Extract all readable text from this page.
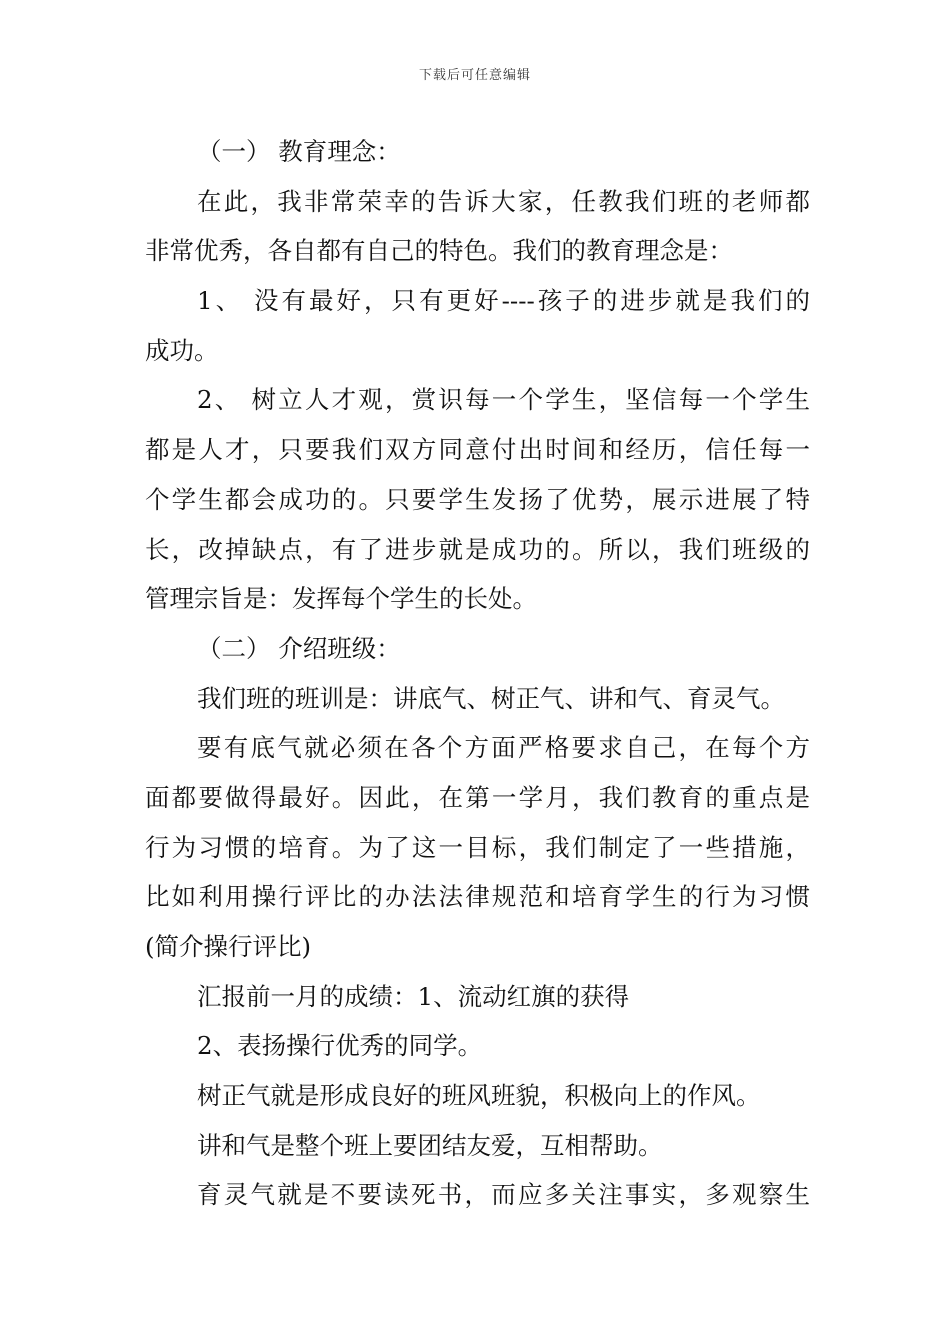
下载后可任意编辑
（一） 教育理念：
在此，我非常荣幸的告诉大家，任教我们班的老师都
非常优秀，各自都有自己的特色。我们的教育理念是：
1、 没有最好，只有更好----孩子的进步就是我们的
成功。
2、 树立人才观，赏识每一个学生，坚信每一个学生
都是人才，只要我们双方同意付出时间和经历，信任每一
个学生都会成功的。只要学生发扬了优势，展示进展了特
长，改掉缺点，有了进步就是成功的。所以，我们班级的
管理宗旨是：发挥每个学生的长处。
（二） 介绍班级：
我们班的班训是：讲底气、树正气、讲和气、育灵气。
要有底气就必须在各个方面严格要求自己，在每个方
面都要做得最好。因此，在第一学月，我们教育的重点是
行为习惯的培育。为了这一目标，我们制定了一些措施，
比如利用操行评比的办法法律规范和培育学生的行为习惯
(简介操行评比)
汇报前一月的成绩：1、流动红旗的获得
2、表扬操行优秀的同学。
树正气就是形成良好的班风班貌，积极向上的作风。
讲和气是整个班上要团结友爱，互相帮助。
育灵气就是不要读死书，而应多关注事实，多观察生
